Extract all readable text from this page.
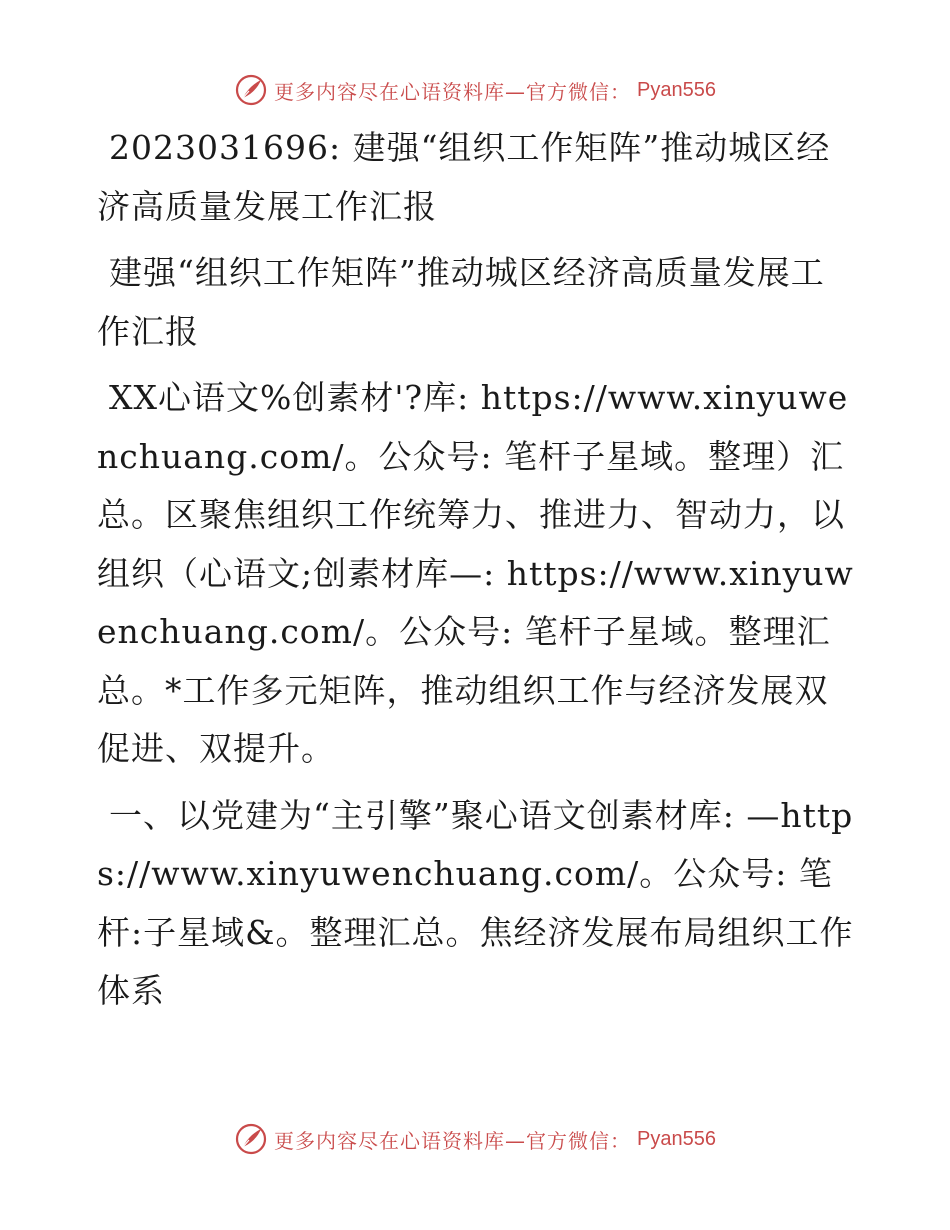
更多内容尽在心语资料库—官方微信： Pyan556

2023031696: 建强“组织工作矩阵”推动城区经济高质量发展工作汇报

建强“组织工作矩阵”推动城区经济高质量发展工作汇报

XX心语文%创素材'?库: https://www.xinyuwenchuang.com/。公众号: 笔杆子星域。整理）汇总。区聚焦组织工作统筹力、推进力、智动力，以组织（心语文;创素材库—: https://www.xinyuwenchuang.com/。公众号: 笔杆子星域。整理汇总。*工作多元矩阵，推动组织工作与经济发展双促进、双提升。

一、以党建为“主引擎”聚心语文创素材库: —https://www.xinyuwenchuang.com/。公众号: 笔杆:子星域&。整理汇总。焦经济发展布局组织工作体系

更多内容尽在心语资料库—官方微信： Pyan556
